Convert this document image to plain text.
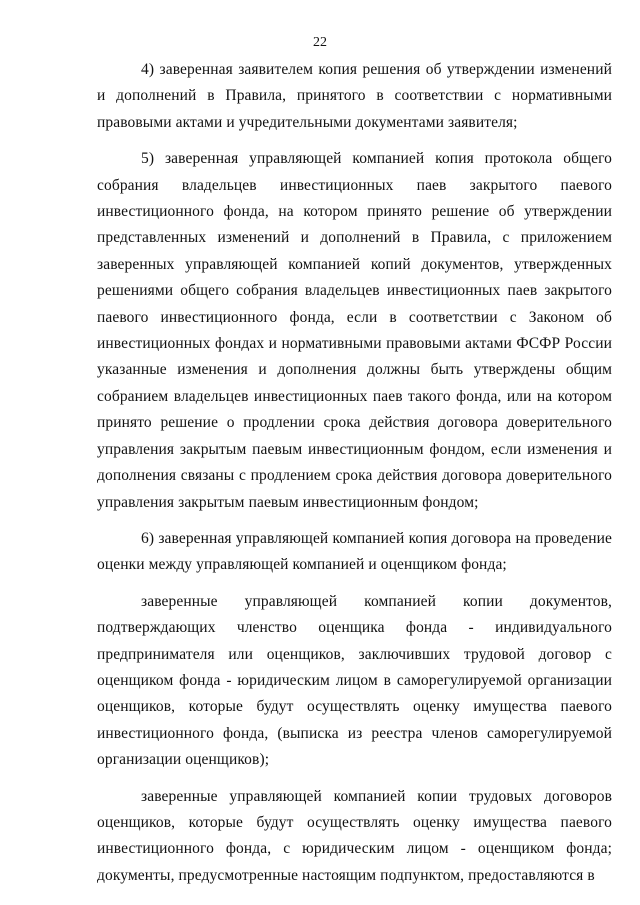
22

4) заверенная заявителем копия решения об утверждении изменений и дополнений в Правила, принятого в соответствии с нормативными правовыми актами и учредительными документами заявителя;

5) заверенная управляющей компанией копия протокола общего собрания владельцев инвестиционных паев закрытого паевого инвестиционного фонда, на котором принято решение об утверждении представленных изменений и дополнений в Правила, с приложением заверенных управляющей компанией копий документов, утвержденных решениями общего собрания владельцев инвестиционных паев закрытого паевого инвестиционного фонда, если в соответствии с Законом об инвестиционных фондах и нормативными правовыми актами ФСФР России указанные изменения и дополнения должны быть утверждены общим собранием владельцев инвестиционных паев такого фонда, или на котором принято решение о продлении срока действия договора доверительного управления закрытым паевым инвестиционным фондом, если изменения и дополнения связаны с продлением срока действия договора доверительного управления закрытым паевым инвестиционным фондом;

6) заверенная управляющей компанией копия договора на проведение оценки между управляющей компанией и оценщиком фонда;

заверенные управляющей компанией копии документов, подтверждающих членство оценщика фонда - индивидуального предпринимателя или оценщиков, заключивших трудовой договор с оценщиком фонда - юридическим лицом в саморегулируемой организации оценщиков, которые будут осуществлять оценку имущества паевого инвестиционного фонда, (выписка из реестра членов саморегулируемой организации оценщиков);

заверенные управляющей компанией копии трудовых договоров оценщиков, которые будут осуществлять оценку имущества паевого инвестиционного фонда, с юридическим лицом - оценщиком фонда; документы, предусмотренные настоящим подпунктом, предоставляются в
